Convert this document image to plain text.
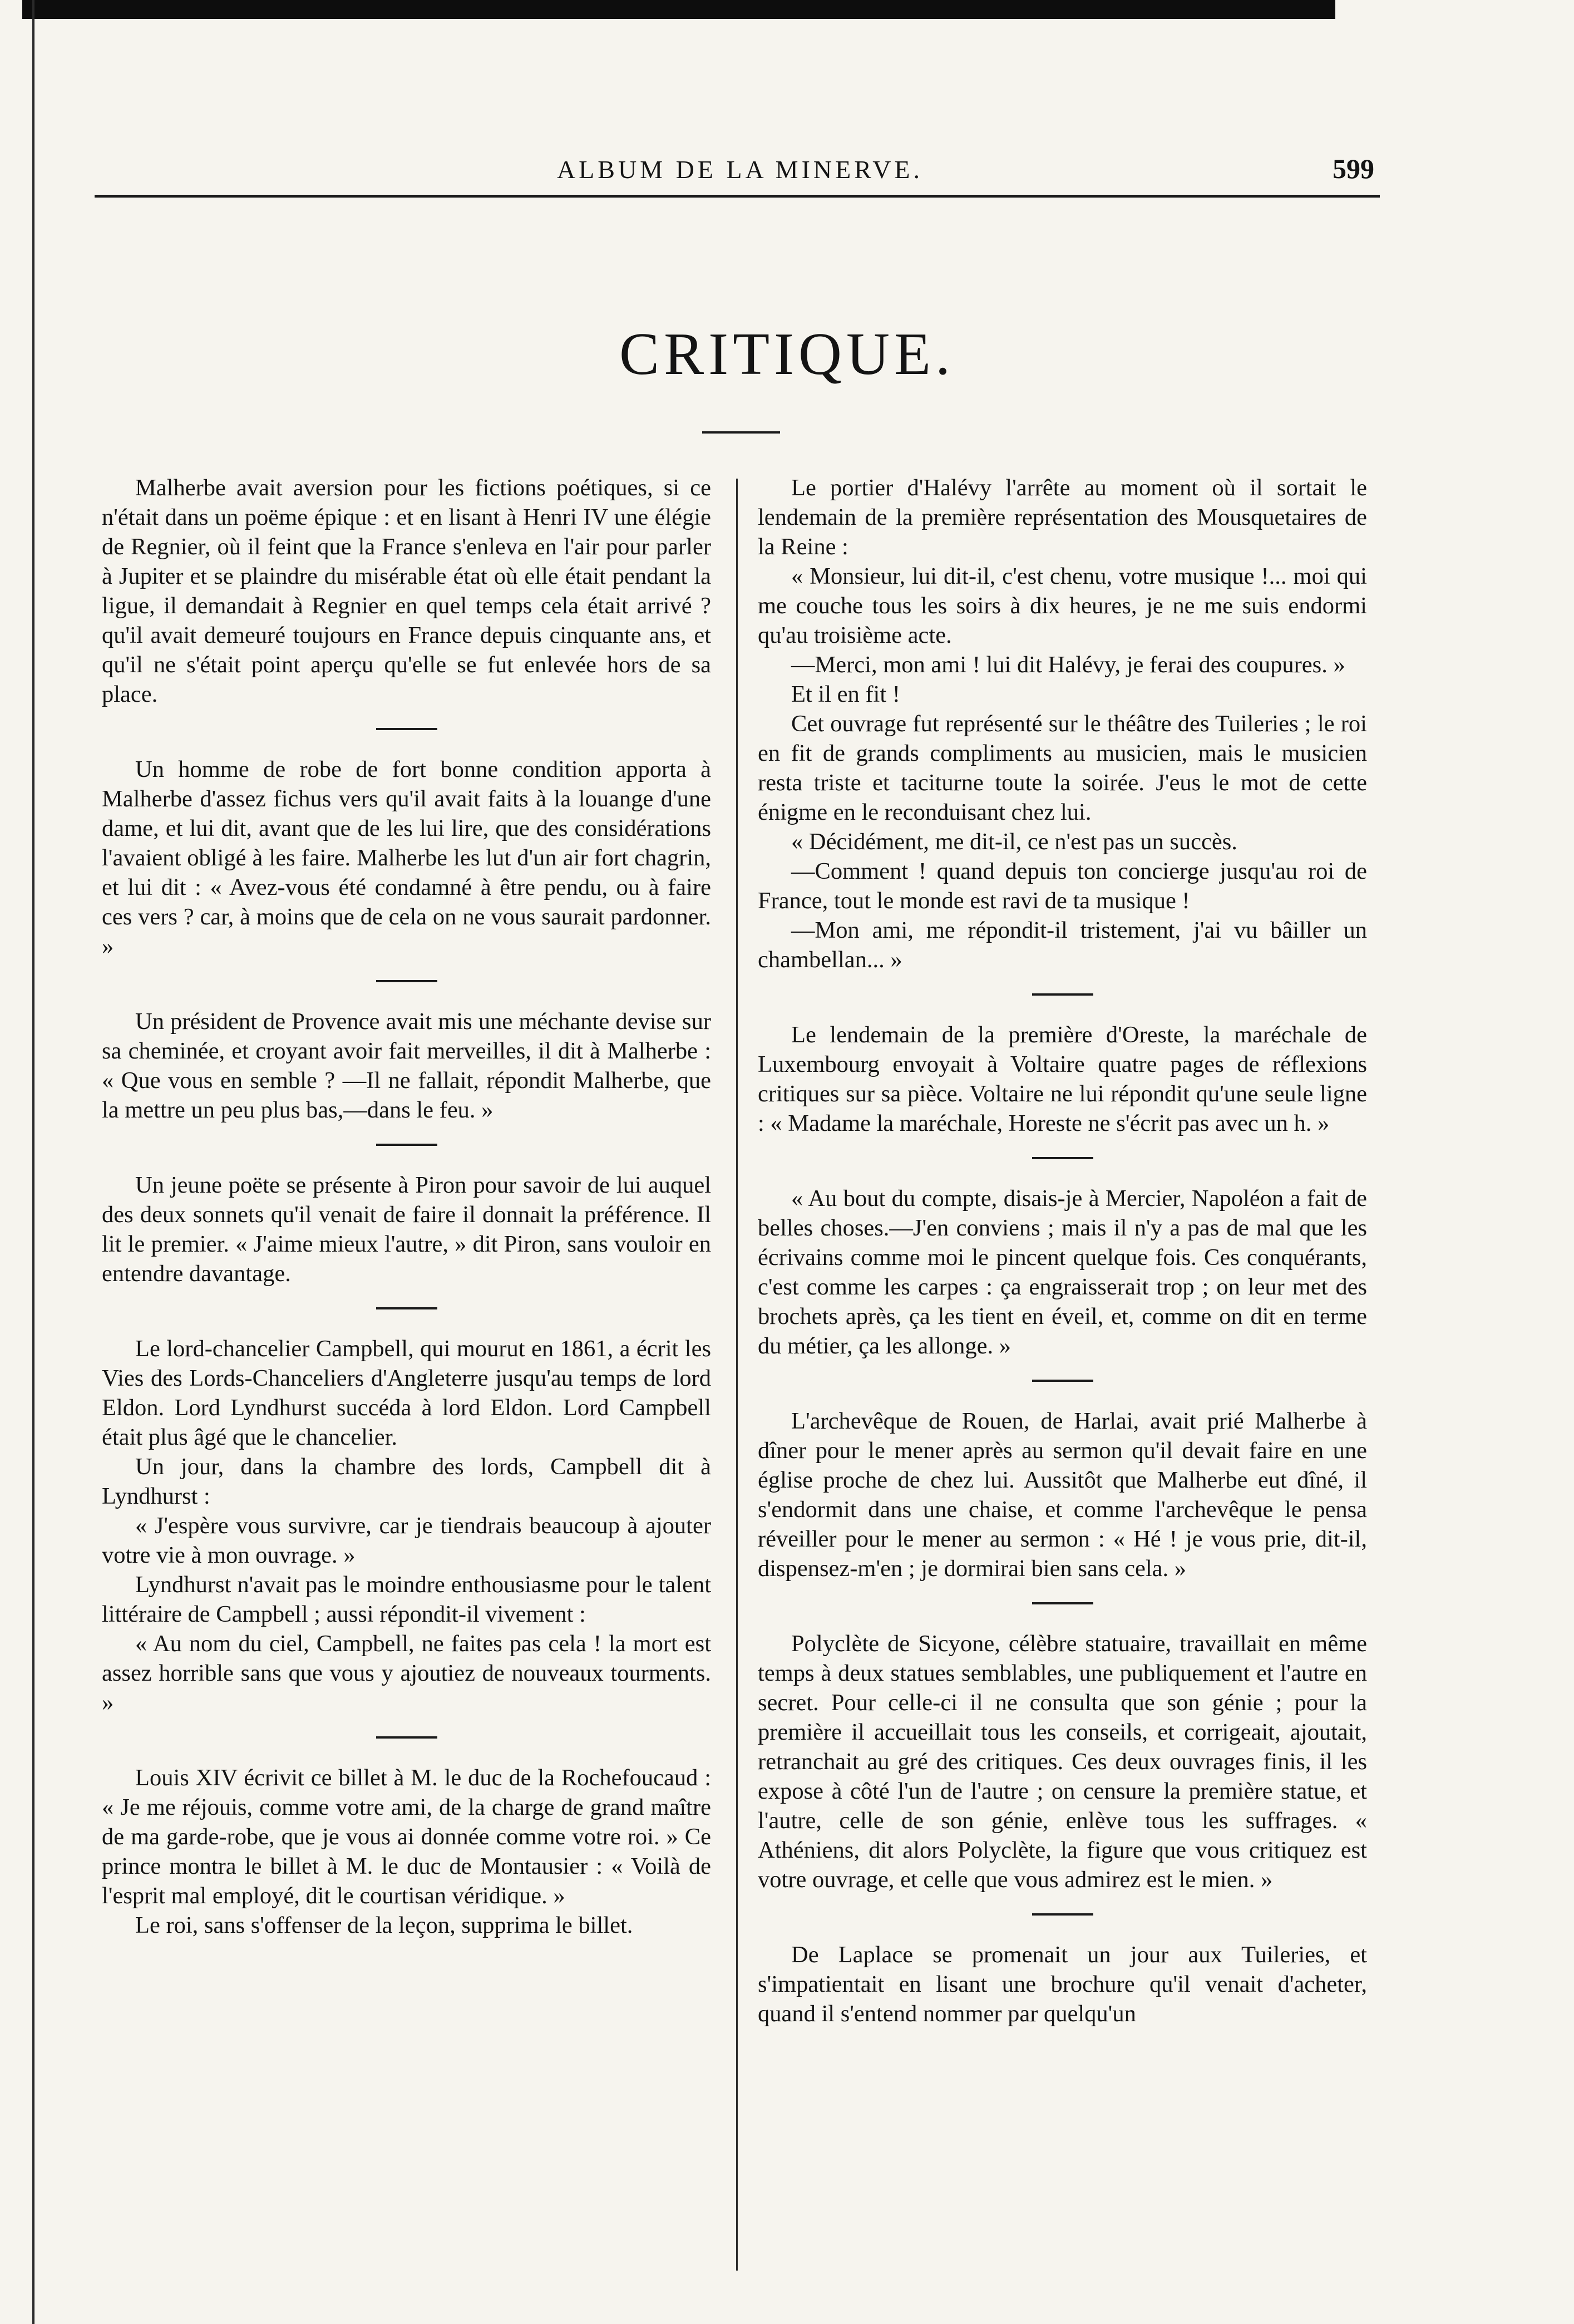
ALBUM DE LA MINERVE.	599
CRITIQUE.

Malherbe avait aversion pour les fictions poétiques, si ce n'était dans un poëme épique : et en lisant à Henri IV une élégie de Regnier, où il feint que la France s'enleva en l'air pour parler à Jupiter et se plaindre du misérable état où elle était pendant la ligue, il demandait à Regnier en quel temps cela était arrivé ? qu'il avait demeuré toujours en France depuis cinquante ans, et qu'il ne s'était point aperçu qu'elle se fut enlevée hors de sa place.

Un homme de robe de fort bonne condition apporta à Malherbe d'assez fichus vers qu'il avait faits à la louange d'une dame, et lui dit, avant que de les lui lire, que des considérations l'avaient obligé à les faire. Malherbe les lut d'un air fort chagrin, et lui dit : « Avez-vous été condamné à être pendu, ou à faire ces vers ? car, à moins que de cela on ne vous saurait pardonner. »

Un président de Provence avait mis une méchante devise sur sa cheminée, et croyant avoir fait merveilles, il dit à Malherbe : « Que vous en semble ? —Il ne fallait, répondit Malherbe, que la mettre un peu plus bas,—dans le feu. »

Un jeune poëte se présente à Piron pour savoir de lui auquel des deux sonnets qu'il venait de faire il donnait la préférence. Il lit le premier. « J'aime mieux l'autre, » dit Piron, sans vouloir en entendre davantage.

Le lord-chancelier Campbell, qui mourut en 1861, a écrit les Vies des Lords-Chanceliers d'Angleterre jusqu'au temps de lord Eldon. Lord Lyndhurst succéda à lord Eldon. Lord Campbell était plus âgé que le chancelier.

Un jour, dans la chambre des lords, Campbell dit à Lyndhurst :

« J'espère vous survivre, car je tiendrais beaucoup à ajouter votre vie à mon ouvrage. »

Lyndhurst n'avait pas le moindre enthousiasme pour le talent littéraire de Campbell ; aussi répondit-il vivement :

« Au nom du ciel, Campbell, ne faites pas cela ! la mort est assez horrible sans que vous y ajoutiez de nouveaux tourments. »

Louis XIV écrivit ce billet à M. le duc de la Rochefoucaud : « Je me réjouis, comme votre ami, de la charge de grand maître de ma garde-robe, que je vous ai donnée comme votre roi. » Ce prince montra le billet à M. le duc de Montausier : « Voilà de l'esprit mal employé, dit le courtisan véridique. »

Le roi, sans s'offenser de la leçon, supprima le billet.

Le portier d'Halévy l'arrête au moment où il sortait le lendemain de la première représentation des Mousquetaires de la Reine :

« Monsieur, lui dit-il, c'est chenu, votre musique !... moi qui me couche tous les soirs à dix heures, je ne me suis endormi qu'au troisième acte.

—Merci, mon ami ! lui dit Halévy, je ferai des coupures. »

Et il en fit !

Cet ouvrage fut représenté sur le théâtre des Tuileries ; le roi en fit de grands compliments au musicien, mais le musicien resta triste et taciturne toute la soirée. J'eus le mot de cette énigme en le reconduisant chez lui.

« Décidément, me dit-il, ce n'est pas un succès.

—Comment ! quand depuis ton concierge jusqu'au roi de France, tout le monde est ravi de ta musique !

—Mon ami, me répondit-il tristement, j'ai vu bâiller un chambellan... »

Le lendemain de la première d'Oreste, la maréchale de Luxembourg envoyait à Voltaire quatre pages de réflexions critiques sur sa pièce. Voltaire ne lui répondit qu'une seule ligne : « Madame la maréchale, Horeste ne s'écrit pas avec un h. »

« Au bout du compte, disais-je à Mercier, Napoléon a fait de belles choses.—J'en conviens ; mais il n'y a pas de mal que les écrivains comme moi le pincent quelque fois. Ces conquérants, c'est comme les carpes : ça engraisserait trop ; on leur met des brochets après, ça les tient en éveil, et, comme on dit en terme du métier, ça les allonge. »

L'archevêque de Rouen, de Harlai, avait prié Malherbe à dîner pour le mener après au sermon qu'il devait faire en une église proche de chez lui. Aussitôt que Malherbe eut dîné, il s'endormit dans une chaise, et comme l'archevêque le pensa réveiller pour le mener au sermon : « Hé ! je vous prie, dit-il, dispensez-m'en ; je dormirai bien sans cela. »

Polyclète de Sicyone, célèbre statuaire, travaillait en même temps à deux statues semblables, une publiquement et l'autre en secret. Pour celle-ci il ne consulta que son génie ; pour la première il accueillait tous les conseils, et corrigeait, ajoutait, retranchait au gré des critiques. Ces deux ouvrages finis, il les expose à côté l'un de l'autre ; on censure la première statue, et l'autre, celle de son génie, enlève tous les suffrages. « Athéniens, dit alors Polyclète, la figure que vous critiquez est votre ouvrage, et celle que vous admirez est le mien. »

De Laplace se promenait un jour aux Tuileries, et s'impatientait en lisant une brochure qu'il venait d'acheter, quand il s'entend nommer par quelqu'un
